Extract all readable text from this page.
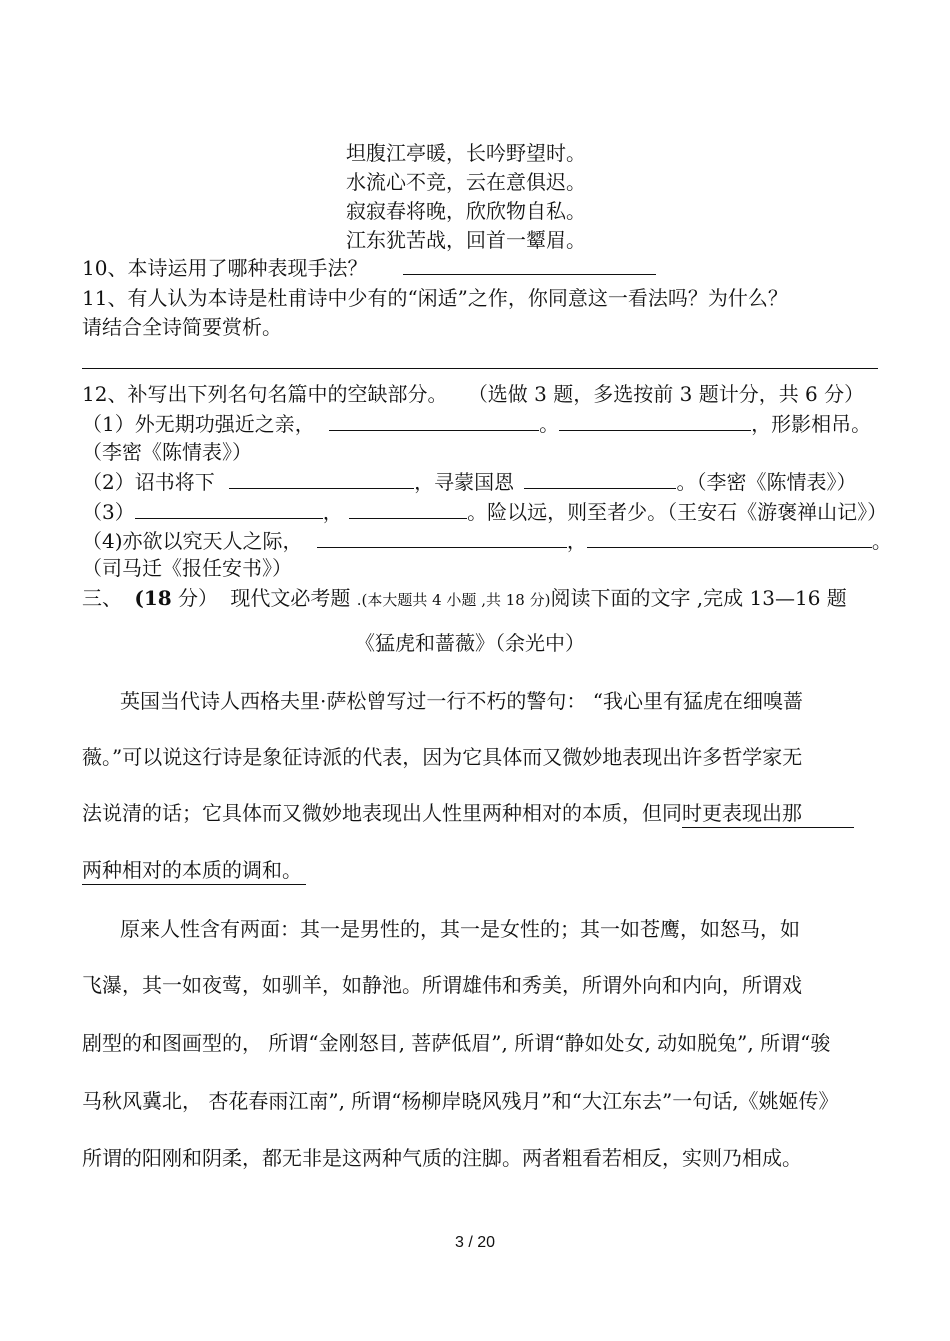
坦腹江亭暖，长吟野望时。
水流心不竞，云在意俱迟。
寂寂春将晚，欣欣物自私。
江东犹苦战，回首一颦眉。
10、本诗运用了哪种表现手法？
11、有人认为本诗是杜甫诗中少有的“闲适”之作，你同意这一看法吗？为什么？
请结合全诗简要赏析。
12、补写出下列名句名篇中的空缺部分。 （选做 3 题，多选按前 3 题计分，共 6 分）
（1）外无期功强近之亲，	。	，形影相吊。
（李密《陈情表》）
（2）诏书将下	，寻蒙国恩	。（李密《陈情表》）
（3）	，	。险以远，则至者少。（王安石《游褒禅山记》）
（4)亦欲以究天人之际，	，	。
（司马迁《报任安书》）
三、 (18 分） 现代文必考题 .(本大题共 4 小题 ,共 18 分)阅读下面的文字 ,完成 13—16 题
《猛虎和蔷薇》（余光中）
英国当代诗人西格夫里·萨松曾写过一行不朽的警句： “我心里有猛虎在细嗅蔷
薇。”可以说这行诗是象征诗派的代表，因为它具体而又微妙地表现出许多哲学家无
法说清的话；它具体而又微妙地表现出人性里两种相对的本质，但同时更表现出那
两种相对的本质的调和。
原来人性含有两面：其一是男性的，其一是女性的；其一如苍鹰，如怒马，如
飞瀑，其一如夜莺，如驯羊，如静池。所谓雄伟和秀美，所谓外向和内向，所谓戏
剧型的和图画型的， 所谓“金刚怒目, 菩萨低眉”, 所谓“静如处女, 动如脱兔”, 所谓“骏
马秋风冀北， 杏花春雨江南”, 所谓“杨柳岸晓风残月”和“大江东去”一句话,《姚姬传》
所谓的阳刚和阴柔，都无非是这两种气质的注脚。两者粗看若相反，实则乃相成。
3 / 20
